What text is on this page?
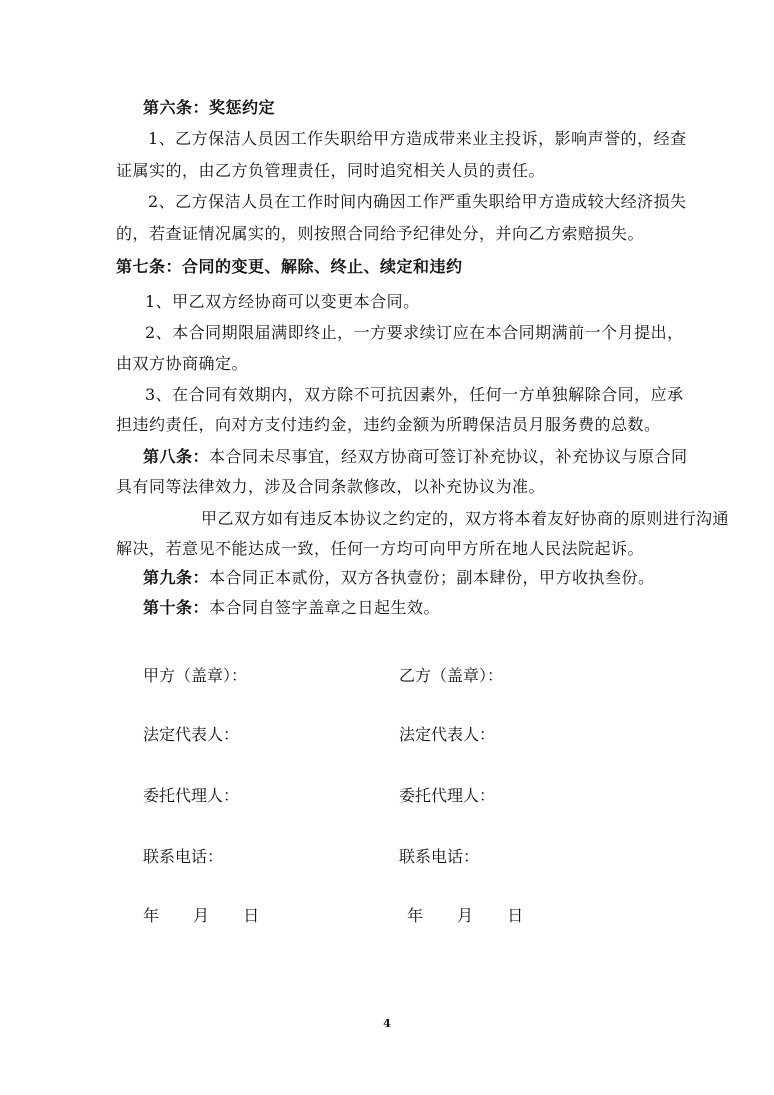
第六条：奖惩约定
1、乙方保洁人员因工作失职给甲方造成带来业主投诉，影响声誉的，经查
证属实的，由乙方负管理责任，同时追究相关人员的责任。
2、乙方保洁人员在工作时间内确因工作严重失职给甲方造成较大经济损失
的，若查证情况属实的，则按照合同给予纪律处分，并向乙方索赔损失。
第七条：合同的变更、解除、终止、续定和违约
1、甲乙双方经协商可以变更本合同。
2、本合同期限届满即终止，一方要求续订应在本合同期满前一个月提出，
由双方协商确定。
3、在合同有效期内，双方除不可抗因素外，任何一方单独解除合同，应承
担违约责任，向对方支付违约金，违约金额为所聘保洁员月服务费的总数。
第八条：本合同未尽事宜，经双方协商可签订补充协议，补充协议与原合同
具有同等法律效力，涉及合同条款修改，以补充协议为准。
甲乙双方如有违反本协议之约定的，双方将本着友好协商的原则进行沟通
解决，若意见不能达成一致，任何一方均可向甲方所在地人民法院起诉。
第九条：本合同正本贰份，双方各执壹份；副本肆份，甲方收执叁份。
第十条：本合同自签字盖章之日起生效。
甲方（盖章）：
法定代表人：
委托代理人：
联系电话：
年 月 日
乙方（盖章）：
法定代表人：
委托代理人：
联系电话：
年 月 日
4
